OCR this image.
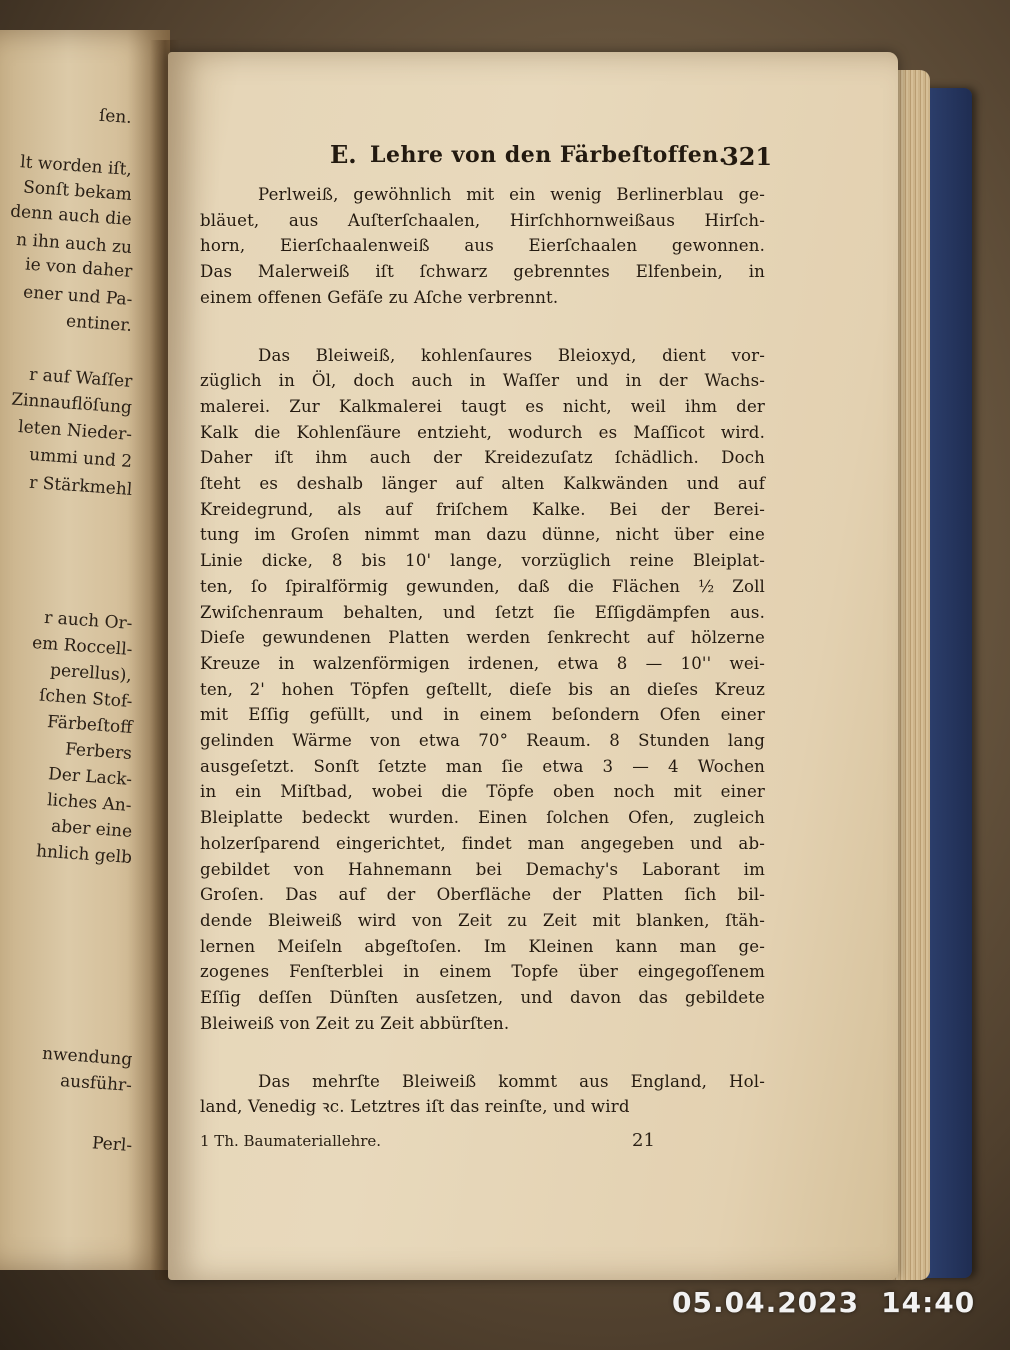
ſen.
lt worden iſt,
Sonſt bekam
denn auch die
n ihn auch zu
ie von daher
ener und Pa-
entiner.
r auf Waſſer
Zinnauflöſung
leten Nieder-
ummi und 2
r Stärkmehl
r auch Or-
em Roccell-
perellus),
ſchen Stof-
Färbeſtoff
Ferbers
Der Lack-
liches An-
aber eine
hnlich gelb
nwendung
ausführ-
Perl-
E. Lehre von den Färbeſtoffen.
321
Perlweiß, gewöhnlich mit ein wenig Berlinerblau ge-
bläuet, aus Auſterſchaalen, Hirſchhornweißaus Hirſch-
horn, Eierſchaalenweiß aus Eierſchaalen gewonnen.
Das Malerweiß iſt ſchwarz gebrenntes Elfenbein, in
einem offenen Gefäſe zu Aſche verbrennt.
Das Bleiweiß, kohlenſaures Bleioxyd, dient vor-
züglich in Öl, doch auch in Waſſer und in der Wachs-
malerei. Zur Kalkmalerei taugt es nicht, weil ihm der
Kalk die Kohlenſäure entzieht, wodurch es Maſſicot wird.
Daher iſt ihm auch der Kreidezuſatz ſchädlich. Doch
ſteht es deshalb länger auf alten Kalkwänden und auf
Kreidegrund, als auf friſchem Kalke. Bei der Berei-
tung im Groſen nimmt man dazu dünne, nicht über eine
Linie dicke, 8 bis 10' lange, vorzüglich reine Bleiplat-
ten, ſo ſpiralförmig gewunden, daß die Flächen ½ Zoll
Zwiſchenraum behalten, und ſetzt ſie Eſſigdämpfen aus.
Dieſe gewundenen Platten werden ſenkrecht auf hölzerne
Kreuze in walzenförmigen irdenen, etwa 8 — 10'' wei-
ten, 2' hohen Töpfen geſtellt, dieſe bis an dieſes Kreuz
mit Eſſig gefüllt, und in einem beſondern Ofen einer
gelinden Wärme von etwa 70° Reaum. 8 Stunden lang
ausgeſetzt. Sonſt ſetzte man ſie etwa 3 — 4 Wochen
in ein Miſtbad, wobei die Töpfe oben noch mit einer
Bleiplatte bedeckt wurden. Einen ſolchen Ofen, zugleich
holzerſparend eingerichtet, findet man angegeben und ab-
gebildet von Hahnemann bei Demachy's Laborant im
Groſen. Das auf der Oberfläche der Platten ſich bil-
dende Bleiweiß wird von Zeit zu Zeit mit blanken, ſtäh-
lernen Meiſeln abgeſtoſen. Im Kleinen kann man ge-
zogenes Fenſterblei in einem Topfe über eingegoſſenem
Eſſig deſſen Dünſten ausſetzen, und davon das gebildete
Bleiweiß von Zeit zu Zeit abbürſten.
Das mehrſte Bleiweiß kommt aus England, Hol-
land, Venedig ꝛc. Letztres iſt das reinſte, und wird
1 Th. Baumateriallehre.	21
05.04.2023 14:40
